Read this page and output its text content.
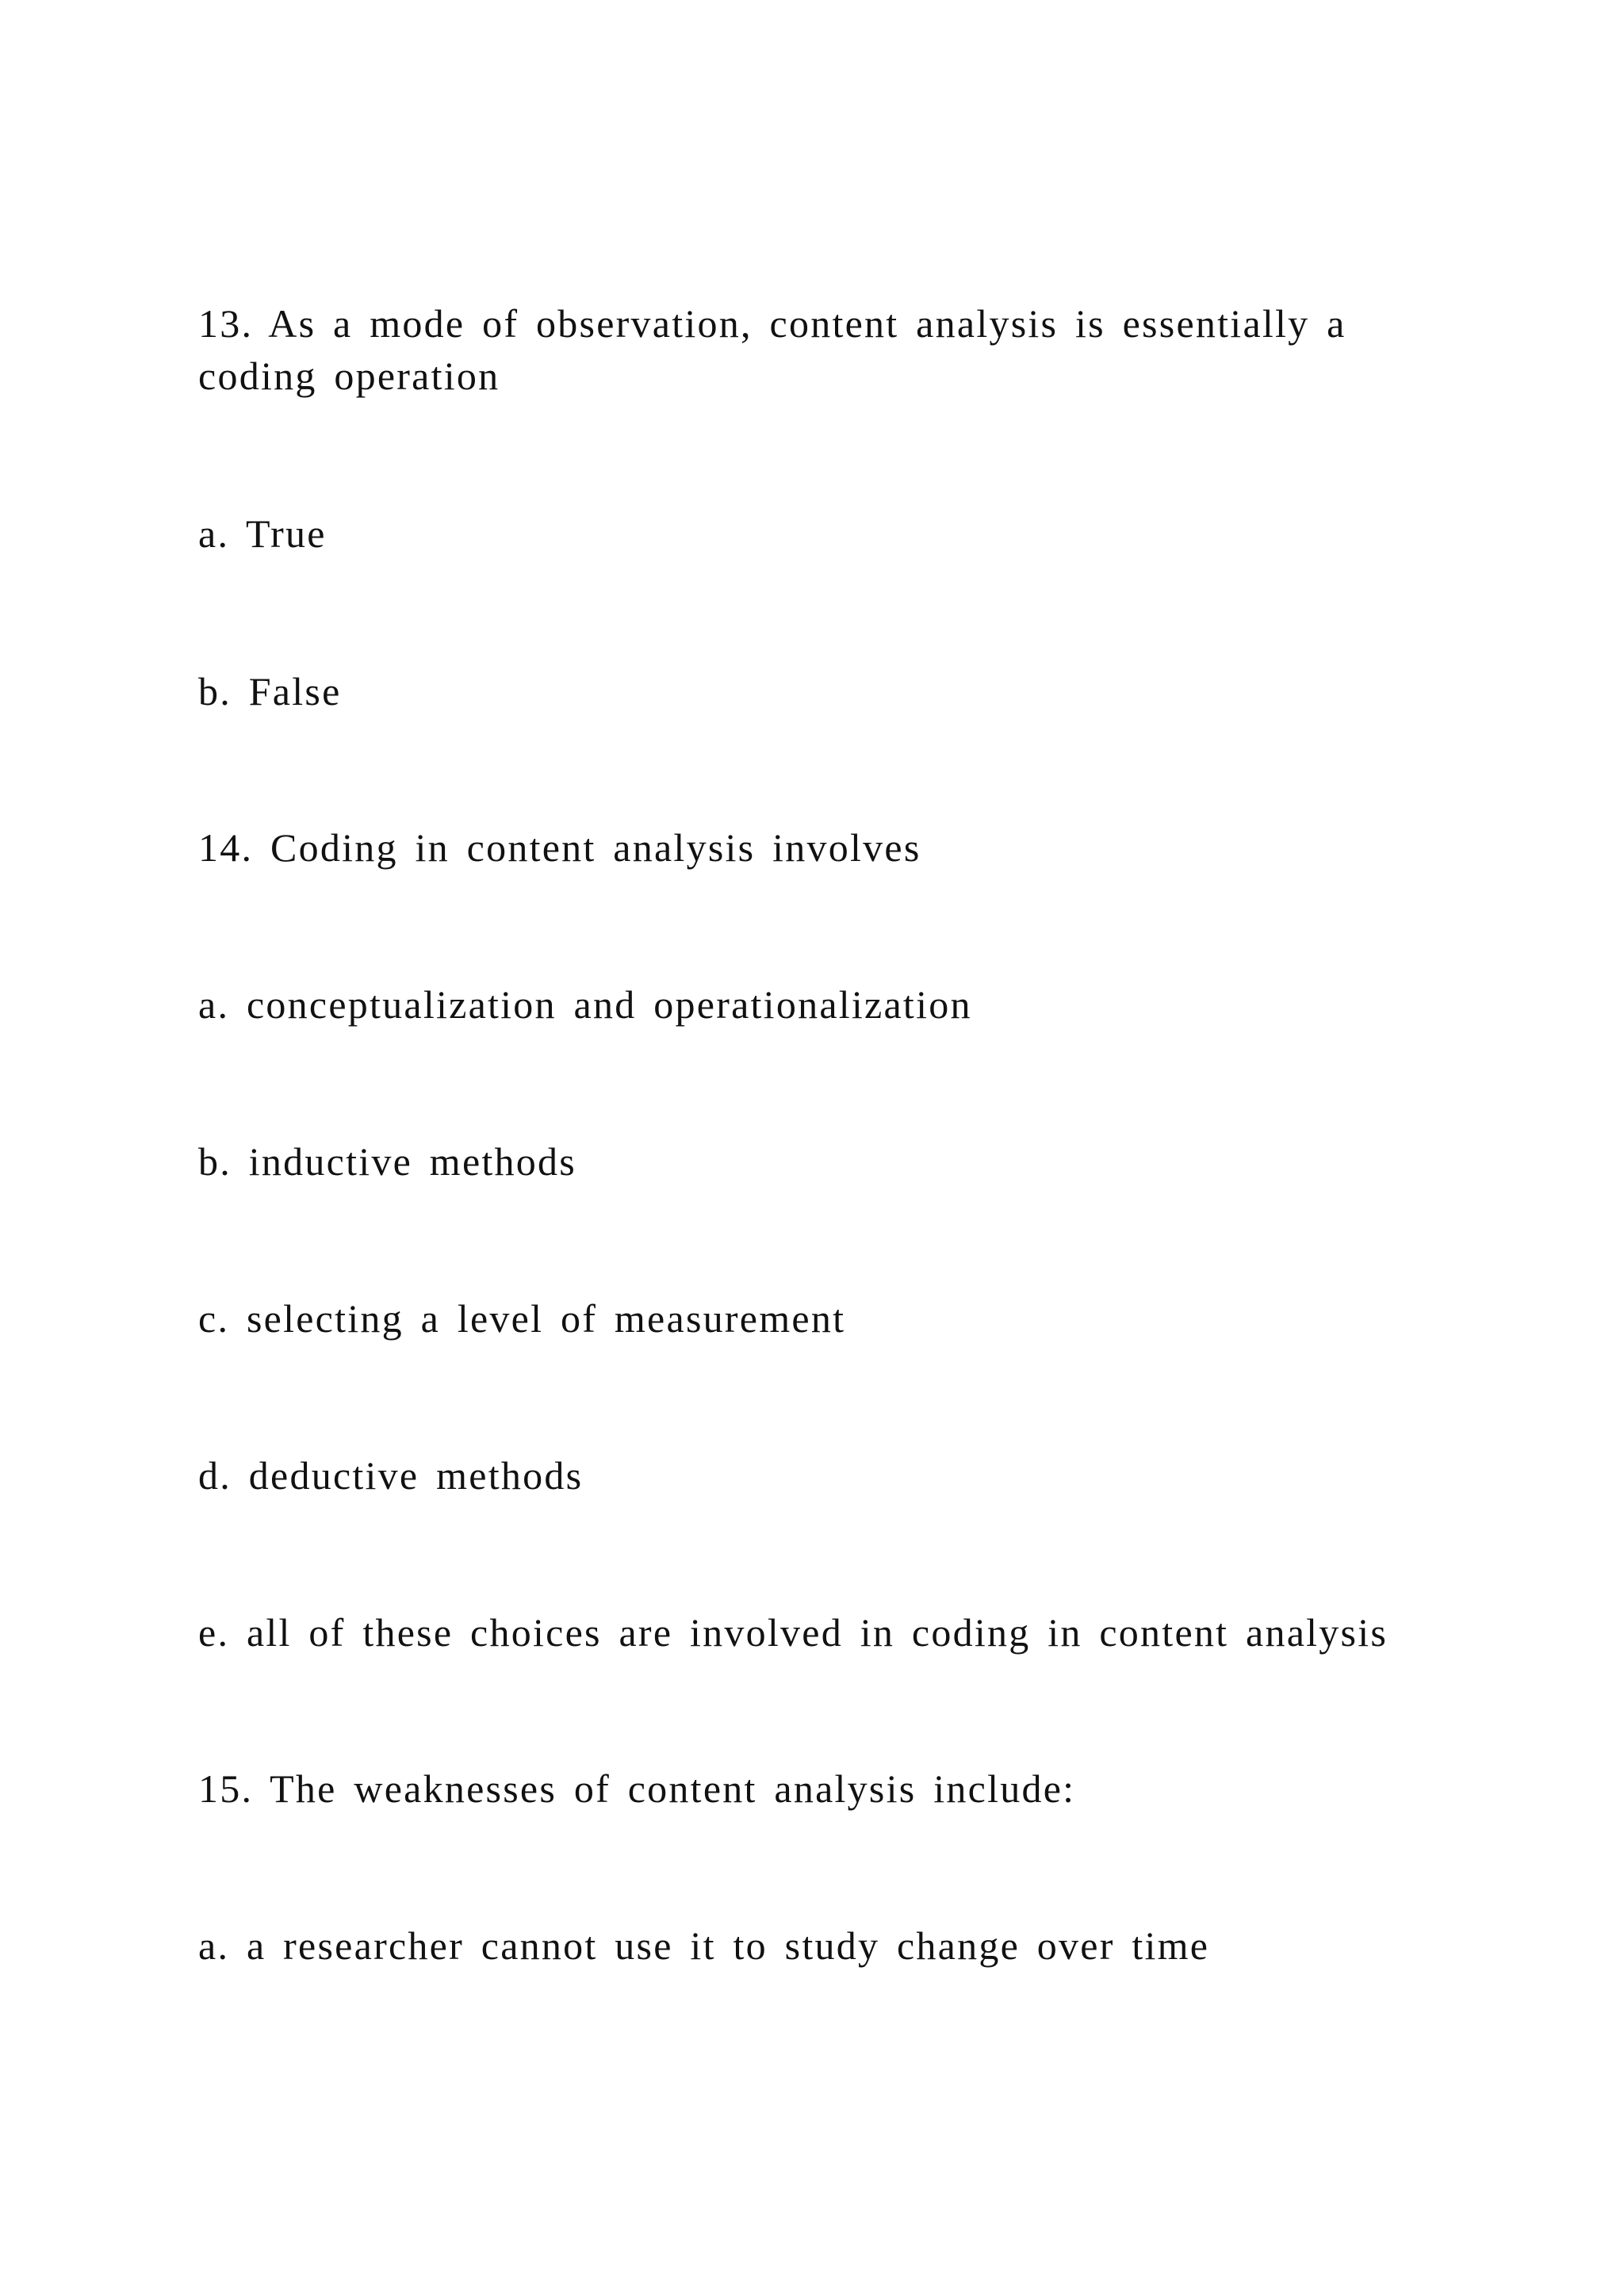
13. As a mode of observation, content analysis is essentially a

coding operation

a. True

b. False

14. Coding in content analysis involves

a. conceptualization and operationalization

b. inductive methods

c. selecting a level of measurement

d. deductive methods

e. all of these choices are involved in coding in content analysis

15. The weaknesses of content analysis include:

a. a researcher cannot use it to study change over time
